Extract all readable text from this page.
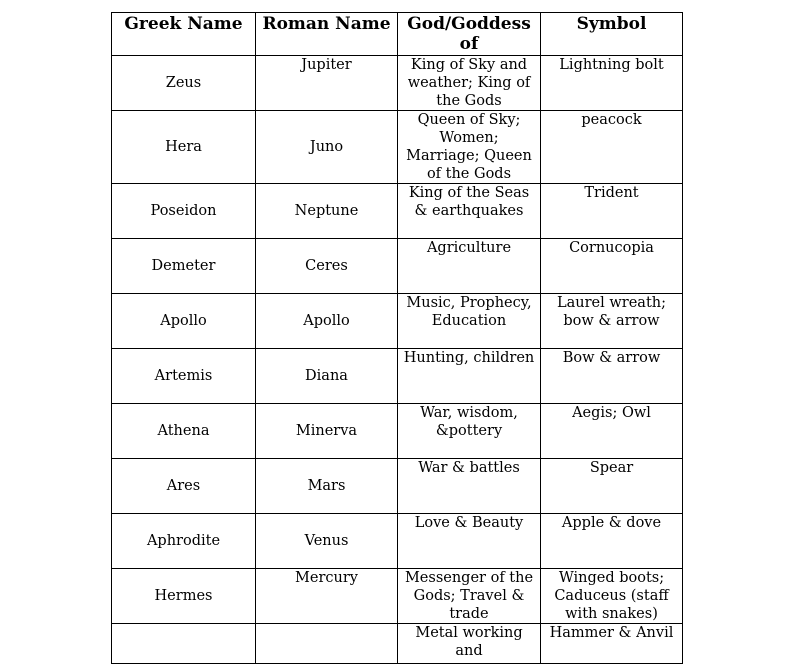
Greek Name	Roman Name	God/Goddess of	Symbol
Zeus	Jupiter	King of Sky and weather; King of the Gods	Lightning bolt
Hera	Juno	Queen of Sky; Women; Marriage; Queen of the Gods	peacock
Poseidon	Neptune	King of the Seas & earthquakes	Trident
Demeter	Ceres	Agriculture	Cornucopia
Apollo	Apollo	Music, Prophecy, Education	Laurel wreath; bow & arrow
Artemis	Diana	Hunting, children	Bow & arrow
Athena	Minerva	War, wisdom, &pottery	Aegis; Owl
Ares	Mars	War & battles	Spear
Aphrodite	Venus	Love & Beauty	Apple & dove
Hermes	Mercury	Messenger of the Gods; Travel & trade	Winged boots; Caduceus (staff with snakes)
		Metal working and	Hammer & Anvil
